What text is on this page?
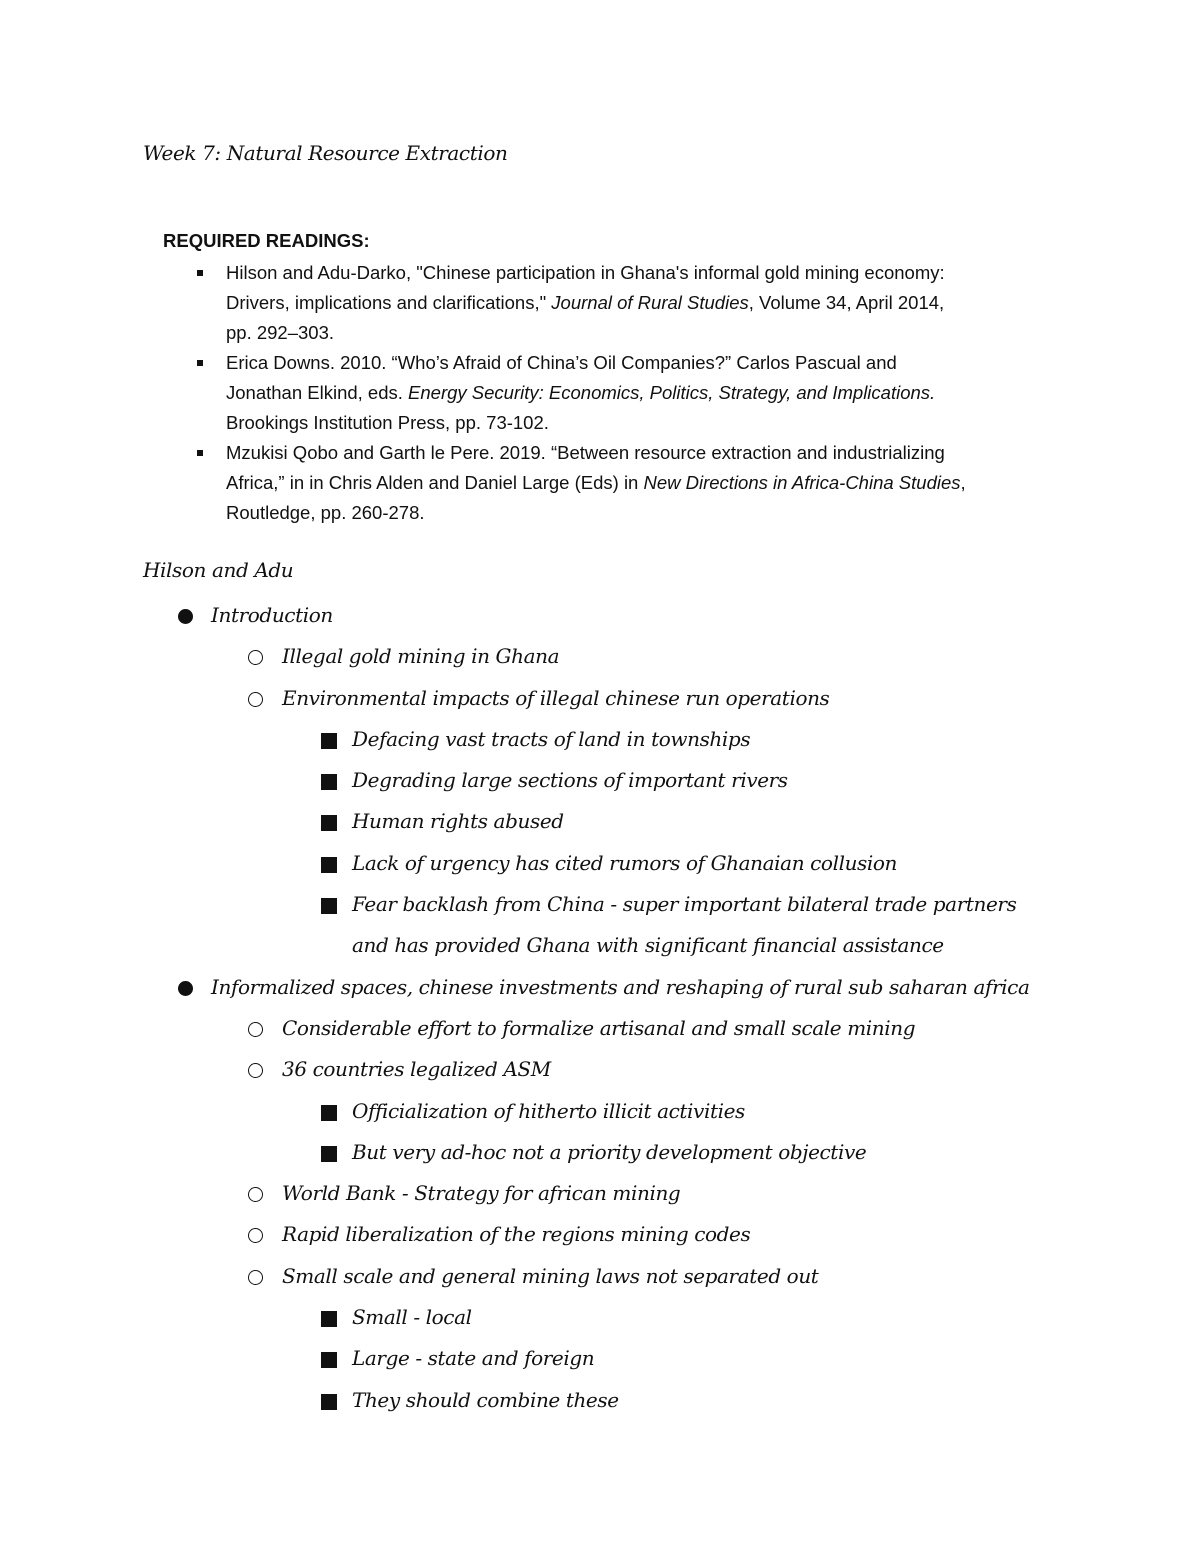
Week 7: Natural Resource Extraction
REQUIRED READINGS:

Hilson and Adu-Darko, "Chinese participation in Ghana's informal gold mining economy:
Drivers, implications and clarifications," Journal of Rural Studies, Volume 34, April 2014,
pp. 292–303.

Erica Downs. 2010. “Who’s Afraid of China’s Oil Companies?” Carlos Pascual and
Jonathan Elkind, eds. Energy Security: Economics, Politics, Strategy, and Implications.
Brookings Institution Press, pp. 73-102.

Mzukisi Qobo and Garth le Pere. 2019. “Between resource extraction and industrializing
Africa,” in in Chris Alden and Daniel Large (Eds) in New Directions in Africa-China Studies,
Routledge, pp. 260-278.

Hilson and Adu
Introduction
Illegal gold mining in Ghana
Environmental impacts of illegal chinese run operations
Defacing vast tracts of land in townships
Degrading large sections of important rivers
Human rights abused
Lack of urgency has cited rumors of Ghanaian collusion
Fear backlash from China - super important bilateral trade partners
and has provided Ghana with significant financial assistance
Informalized spaces, chinese investments and reshaping of rural sub saharan africa
Considerable effort to formalize artisanal and small scale mining
36 countries legalized ASM
Officialization of hitherto illicit activities
But very ad-hoc not a priority development objective
World Bank - Strategy for african mining
Rapid liberalization of the regions mining codes
Small scale and general mining laws not separated out
Small - local
Large - state and foreign
They should combine these
